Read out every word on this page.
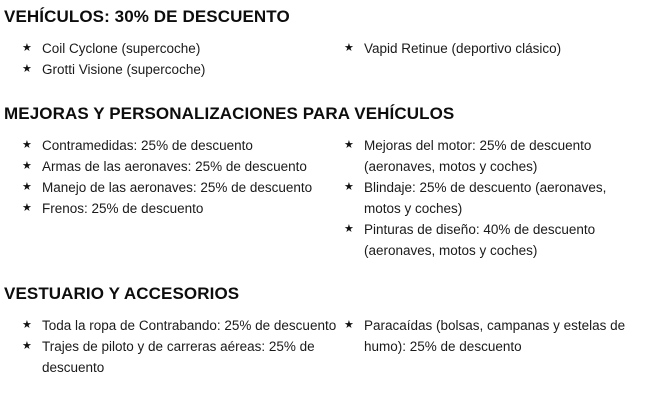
VEHÍCULOS: 30% DE DESCUENTO
★ Coil Cyclone (supercoche)
★ Grotti Visione (supercoche)
★ Vapid Retinue (deportivo clásico)
MEJORAS Y PERSONALIZACIONES PARA VEHÍCULOS
★ Contramedidas: 25% de descuento
★ Armas de las aeronaves: 25% de descuento
★ Manejo de las aeronaves: 25% de descuento
★ Frenos: 25% de descuento
★ Mejoras del motor: 25% de descuento (aeronaves, motos y coches)
★ Blindaje: 25% de descuento (aeronaves, motos y coches)
★ Pinturas de diseño: 40% de descuento (aeronaves, motos y coches)
VESTUARIO Y ACCESORIOS
★ Toda la ropa de Contrabando: 25% de descuento
★ Trajes de piloto y de carreras aéreas: 25% de descuento
★ Paracaídas (bolsas, campanas y estelas de humo): 25% de descuento
